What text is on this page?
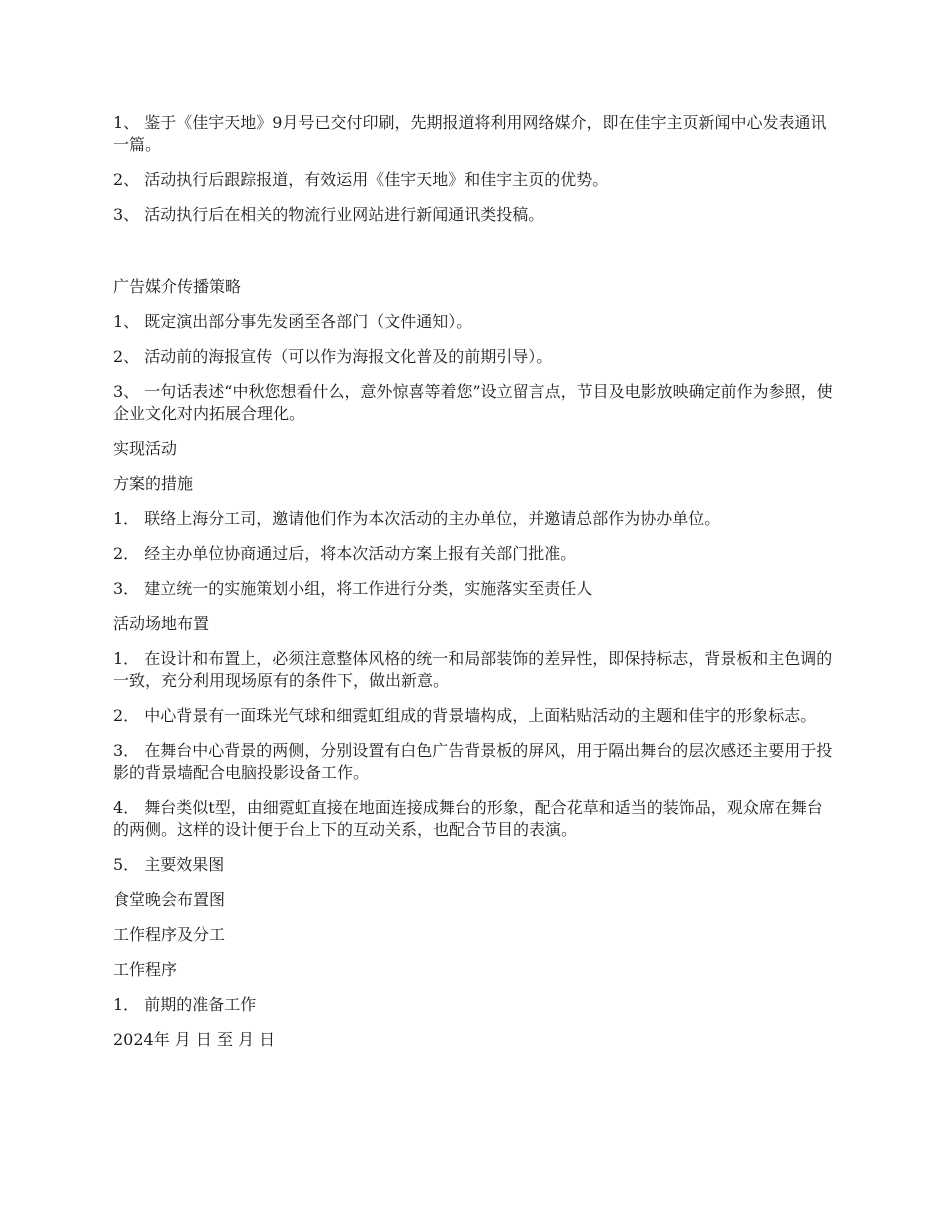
1、 鉴于《佳宇天地》9月号已交付印刷，先期报道将利用网络媒介，即在佳宇主页新闻中心发表通讯一篇。

2、 活动执行后跟踪报道，有效运用《佳宇天地》和佳宇主页的优势。

3、 活动执行后在相关的物流行业网站进行新闻通讯类投稿。

广告媒介传播策略

1、 既定演出部分事先发函至各部门（文件通知）。

2、 活动前的海报宣传（可以作为海报文化普及的前期引导）。

3、 一句话表述“中秋您想看什么，意外惊喜等着您”设立留言点，节目及电影放映确定前作为参照，使企业文化对内拓展合理化。

实现活动

方案的措施

1． 联络上海分工司，邀请他们作为本次活动的主办单位，并邀请总部作为协办单位。

2． 经主办单位协商通过后，将本次活动方案上报有关部门批准。

3． 建立统一的实施策划小组，将工作进行分类，实施落实至责任人

活动场地布置

1． 在设计和布置上，必须注意整体风格的统一和局部装饰的差异性，即保持标志，背景板和主色调的一致，充分利用现场原有的条件下，做出新意。

2． 中心背景有一面珠光气球和细霓虹组成的背景墙构成，上面粘贴活动的主题和佳宇的形象标志。

3． 在舞台中心背景的两侧，分别设置有白色广告背景板的屏风，用于隔出舞台的层次感还主要用于投影的背景墙配合电脑投影设备工作。

4． 舞台类似t型，由细霓虹直接在地面连接成舞台的形象，配合花草和适当的装饰品，观众席在舞台的两侧。这样的设计便于台上下的互动关系，也配合节目的表演。

5． 主要效果图

食堂晚会布置图

工作程序及分工

工作程序

1． 前期的准备工作

2024年 月 日 至 月 日
